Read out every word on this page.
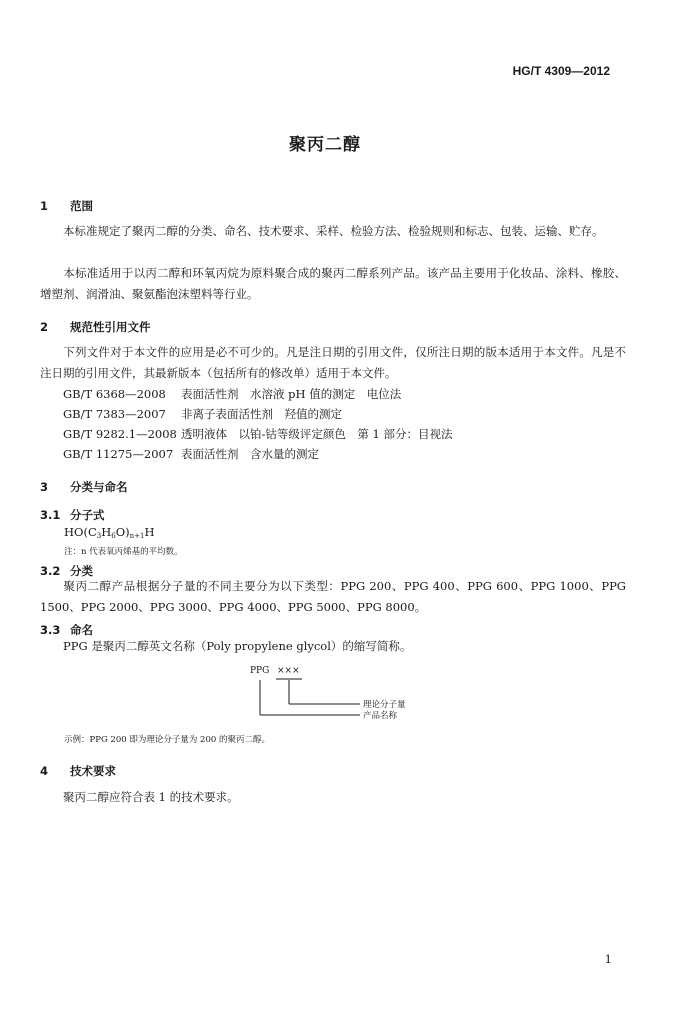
HG/T 4309—2012
聚丙二醇
1 范围
本标准规定了聚丙二醇的分类、命名、技术要求、采样、检验方法、检验规则和标志、包装、运输、贮存。
本标准适用于以丙二醇和环氧丙烷为原料聚合成的聚丙二醇系列产品。该产品主要用于化妆品、涂料、橡胶、增塑剂、润滑油、聚氨酯泡沫塑料等行业。
2 规范性引用文件
下列文件对于本文件的应用是必不可少的。凡是注日期的引用文件，仅所注日期的版本适用于本文件。凡是不注日期的引用文件，其最新版本（包括所有的修改单）适用于本文件。
GB/T 6368—2008 表面活性剂　水溶液 pH 值的测定　电位法
GB/T 7383—2007 非离子表面活性剂　羟值的测定
GB/T 9282.1—2008 透明液体　以铂-钴等级评定颜色　第 1 部分：目视法
GB/T 11275—2007 表面活性剂　含水量的测定
3 分类与命名
3.1 分子式
$HO(C_3H_6O)_{n+1}H$
注：n 代表氧丙烯基的平均数。
3.2 分类
聚丙二醇产品根据分子量的不同主要分为以下类型：PPG 200、PPG 400、PPG 600、PPG 1000、PPG 1500、PPG 2000、PPG 3000、PPG 4000、PPG 5000、PPG 8000。
3.3 命名
PPG 是聚丙二醇英文名称（Poly propylene glycol）的缩写简称。
PPG ×××
理论分子量
产品名称
示例：PPG 200 即为理论分子量为 200 的聚丙二醇。
4 技术要求
聚丙二醇应符合表 1 的技术要求。
1
